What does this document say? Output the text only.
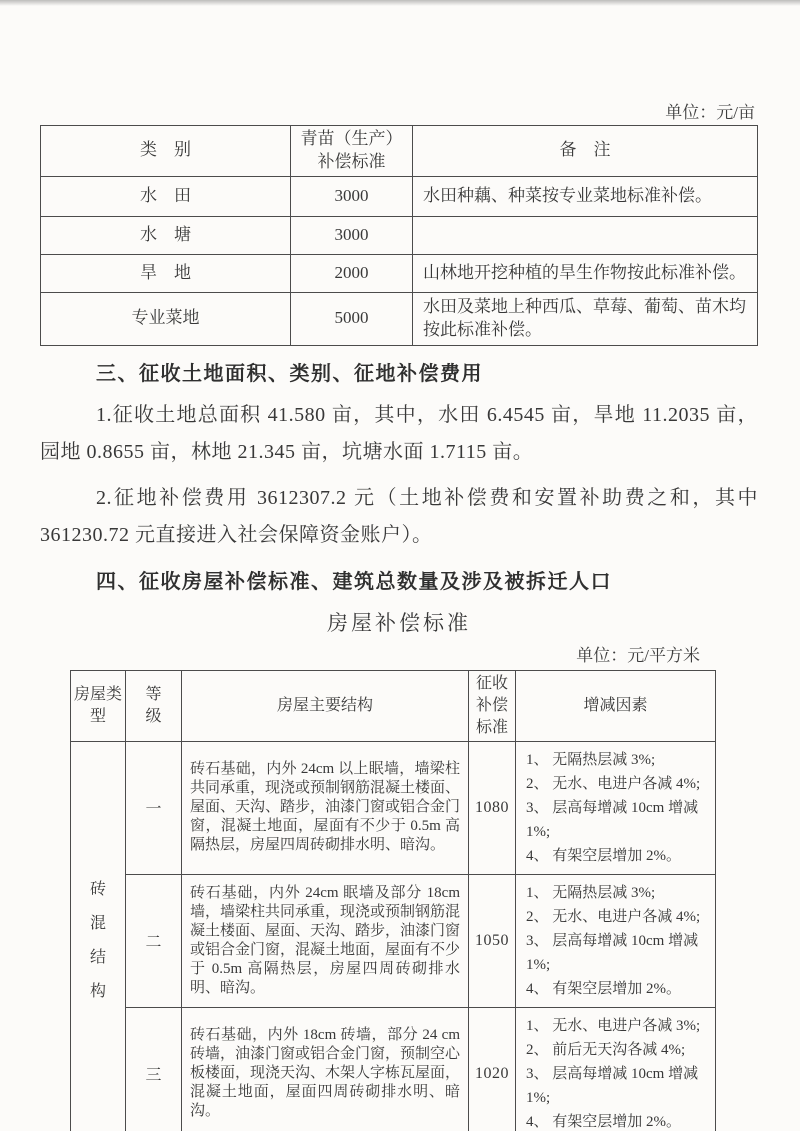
单位：元/亩
类　别	青苗（生产）补偿标准	备　注
水　田	3000	水田种藕、种菜按专业菜地标准补偿。
水　塘	3000	
旱　地	2000	山林地开挖种植的旱生作物按此标准补偿。
专业菜地	5000	水田及菜地上种西瓜、草莓、葡萄、苗木均按此标准补偿。
三、征收土地面积、类别、征地补偿费用

1.征收土地总面积 41.580 亩，其中，水田 6.4545 亩，旱地 11.2035 亩，园地 0.8655 亩，林地 21.345 亩，坑塘水面 1.7115 亩。

2.征地补偿费用 3612307.2 元（土地补偿费和安置补助费之和，其中 361230.72 元直接进入社会保障资金账户）。

四、征收房屋补偿标准、建筑总数量及涉及被拆迁人口
房屋补偿标准
单位：元/平方米
房屋类型	等级	房屋主要结构	征收补偿标准	增减因素
砖混结构	一	砖石基础，内外 24cm 以上眠墙，墙梁柱共同承重，现浇或预制钢筋混凝土楼面、屋面、天沟、踏步，油漆门窗或铝合金门窗，混凝土地面，屋面有不少于 0.5m 高隔热层，房屋四周砖砌排水明、暗沟。	1080	1、 无隔热层减 3%;
2、 无水、电进户各减 4%;
3、 层高每增减 10cm 增减 1%;
4、 有架空层增加 2%。

	二	砖石基础，内外 24cm 眠墙及部分 18cm 墙，墙梁柱共同承重，现浇或预制钢筋混凝土楼面、屋面、天沟、踏步，油漆门窗或铝合金门窗，混凝土地面，屋面有不少于 0.5m 高隔热层，房屋四周砖砌排水明、暗沟。	1050	1、 无隔热层减 3%;
2、 无水、电进户各减 4%;
3、 层高每增减 10cm 增减 1%;
4、 有架空层增加 2%。

	三	砖石基础，内外 18cm 砖墙，部分 24 cm 砖墙，油漆门窗或铝合金门窗，预制空心板楼面，现浇天沟、木架人字栋瓦屋面，混凝土地面，屋面四周砖砌排水明、暗沟。	1020	1、 无水、电进户各减 3%;
2、 前后无天沟各减 4%;
3、 层高每增减 10cm 增减 1%;
4、 有架空层增加 2%。
